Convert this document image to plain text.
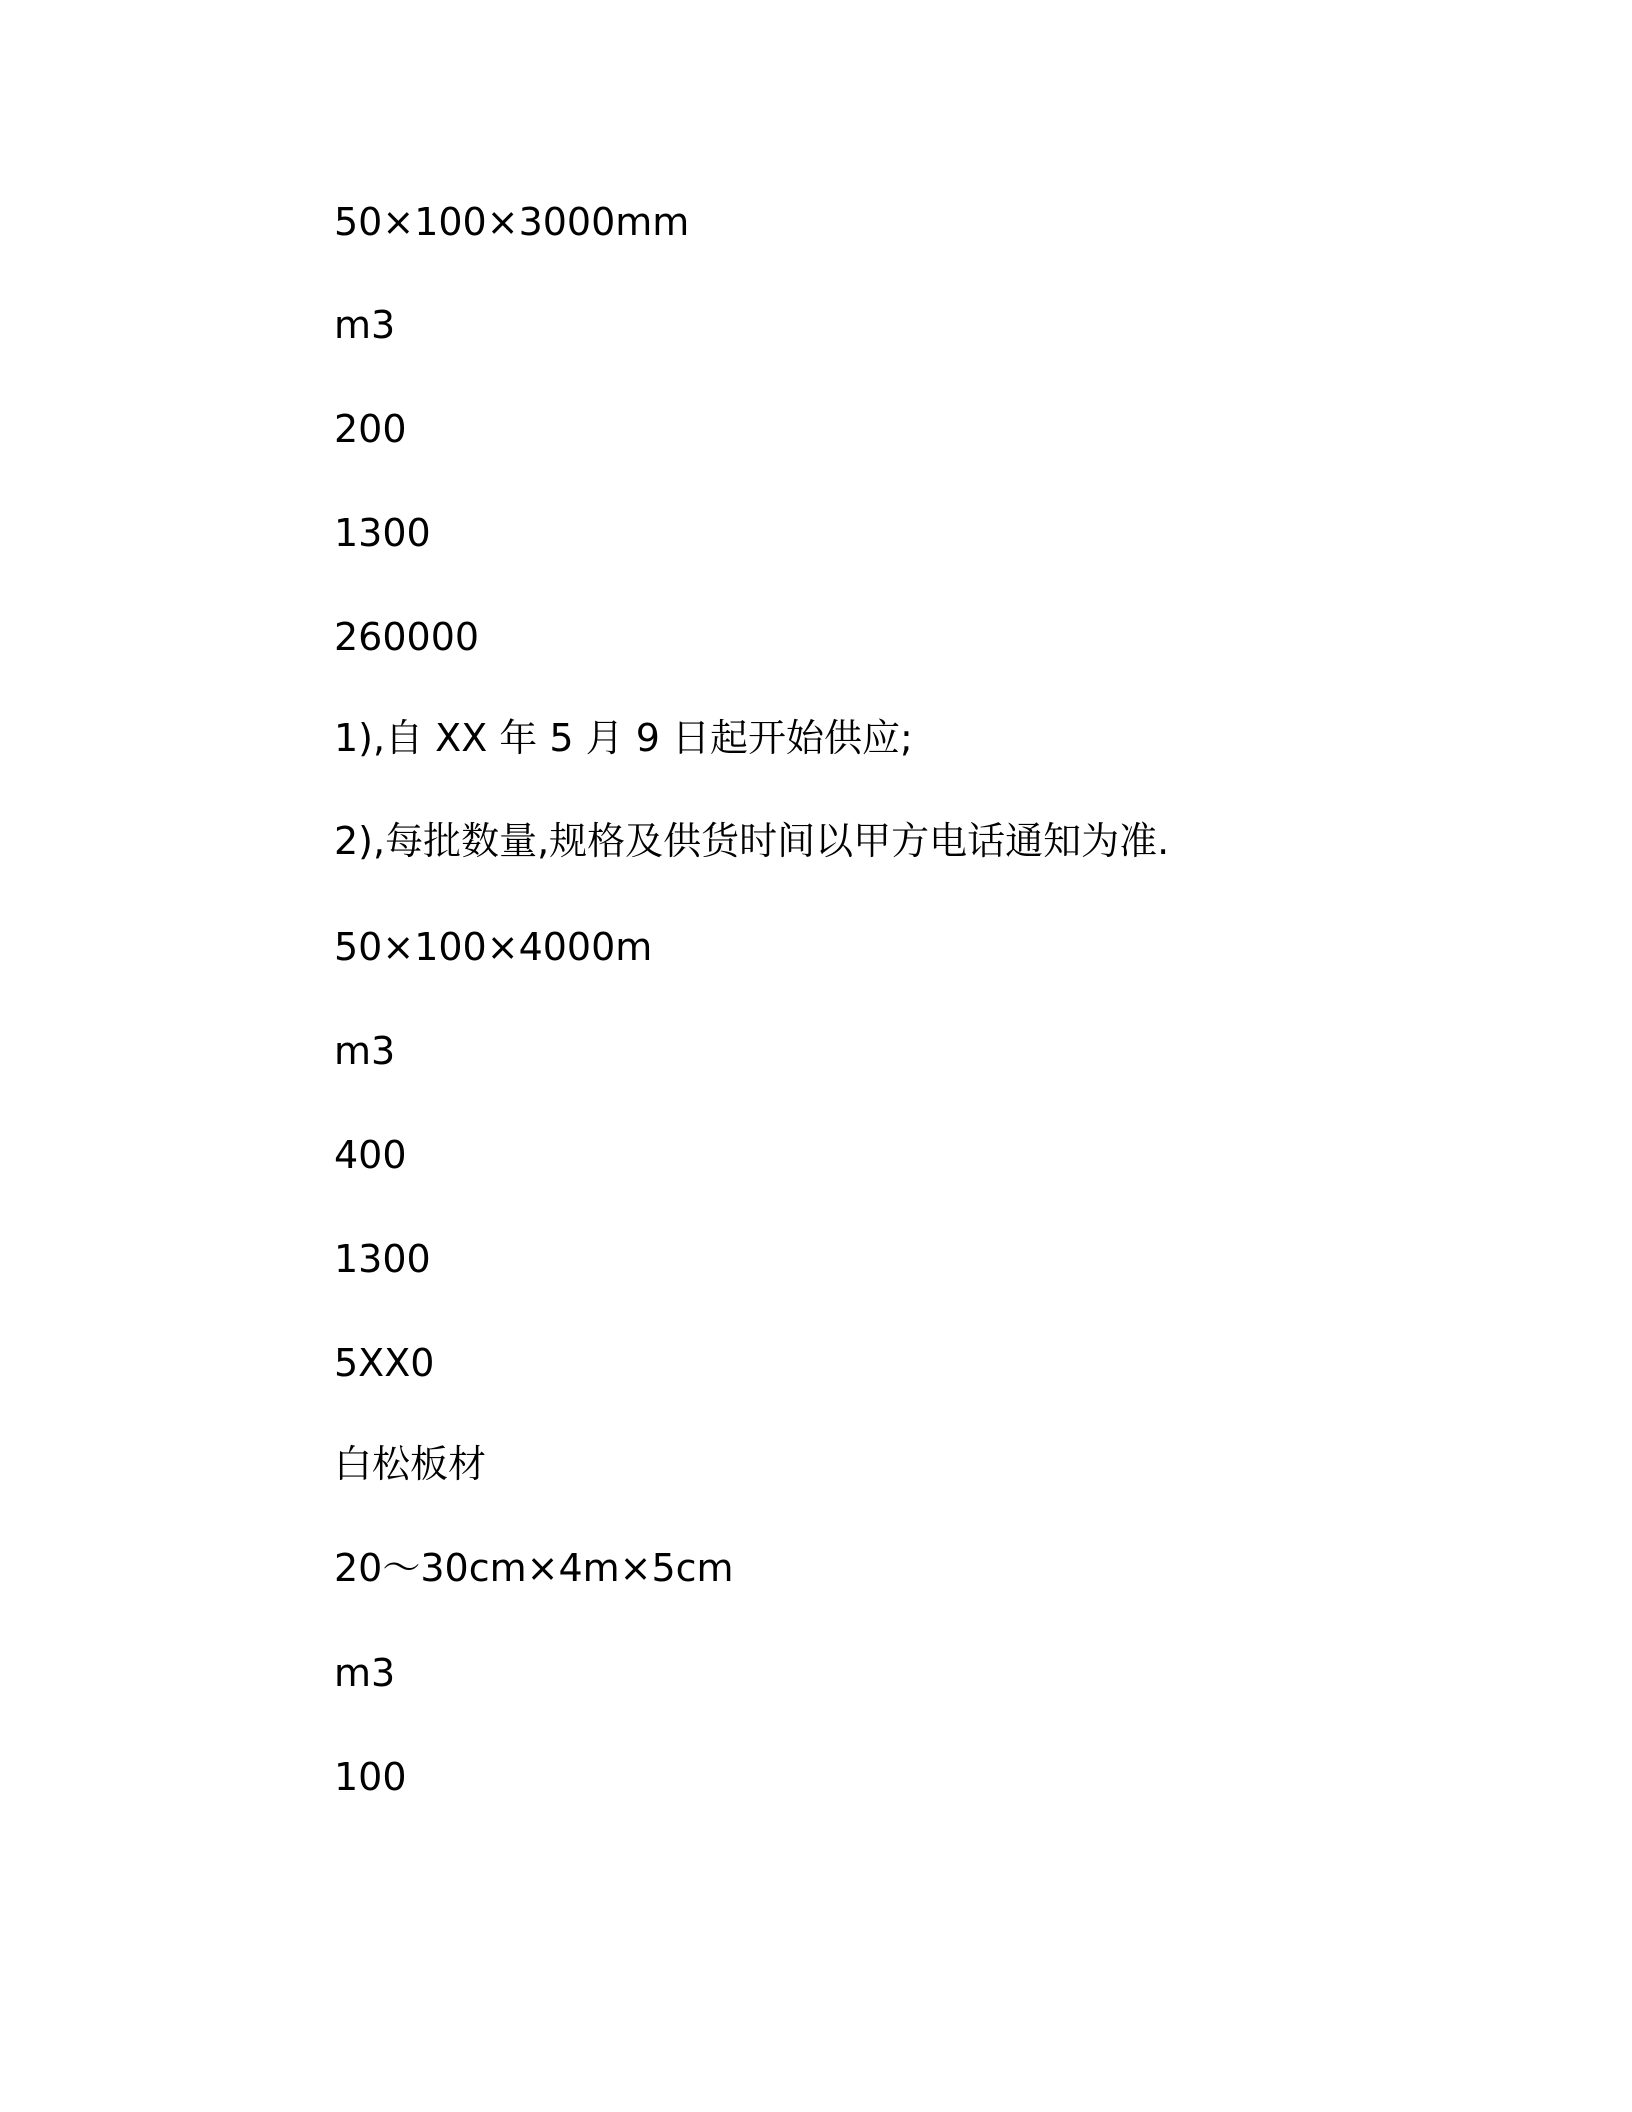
50×100×3000mm
m3
200
1300
260000
1),自 XX 年 5 月 9 日起开始供应;
2),每批数量,规格及供货时间以甲方电话通知为准.
50×100×4000m
m3
400
1300
5XX0
白松板材
20～30cm×4m×5cm
m3
100
